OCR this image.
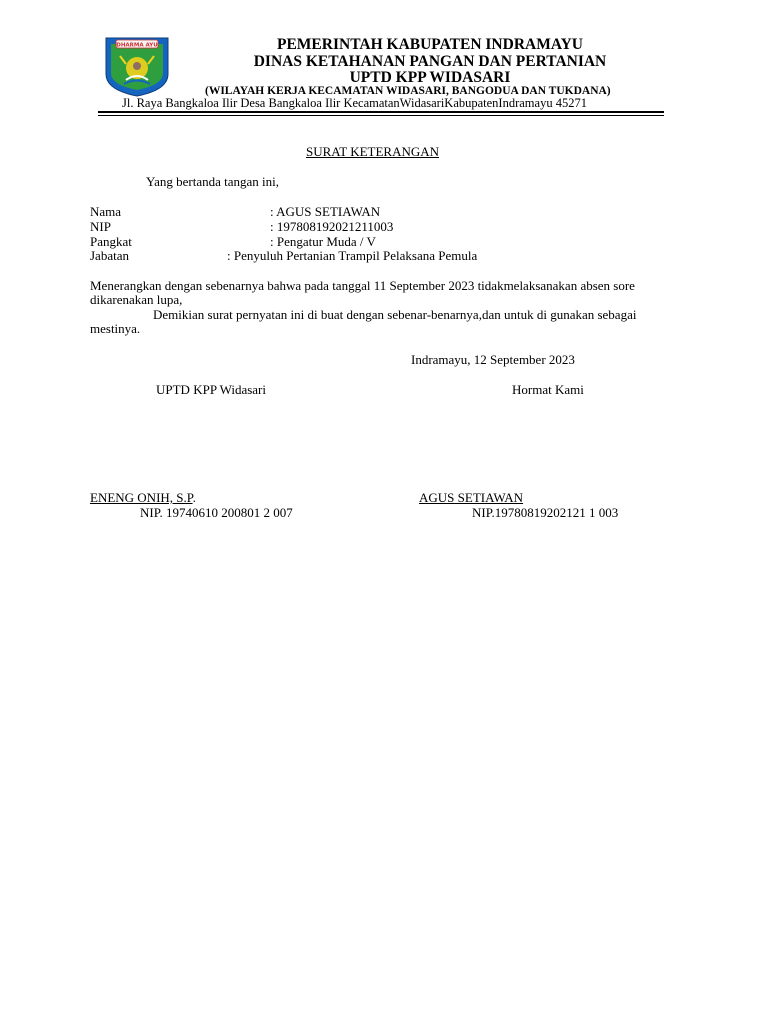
DHARMA AYU	PEMERINTAH KABUPATEN INDRAMAYU
DINAS KETAHANAN PANGAN DAN PERTANIAN
UPTD KPP WIDASARI
(WILAYAH KERJA KECAMATAN WIDASARI, BANGODUA DAN TUKDANA)
Jl. Raya Bangkaloa Ilir Desa Bangkaloa Ilir KecamatanWidasariKabupatenIndramayu 45271
SURAT KETERANGAN
Yang bertanda tangan ini,
Nama	: AGUS SETIAWAN
NIP	: 197808192021211003
Pangkat	: Pengatur Muda / V
Jabatan	: Penyuluh Pertanian Trampil Pelaksana Pemula
Menerangkan dengan sebenarnya bahwa pada tanggal 11 September 2023 tidakmelaksanakan absen sore
dikarenakan lupa,
Demikian surat pernyatan ini di buat dengan sebenar-benarnya,dan untuk di gunakan sebagai
mestinya.
Indramayu, 12 September 2023
UPTD KPP Widasari	Hormat Kami
ENENG ONIH, S.P.	AGUS SETIAWAN
NIP. 19740610 200801 2 007	NIP.19780819202121 1 003
